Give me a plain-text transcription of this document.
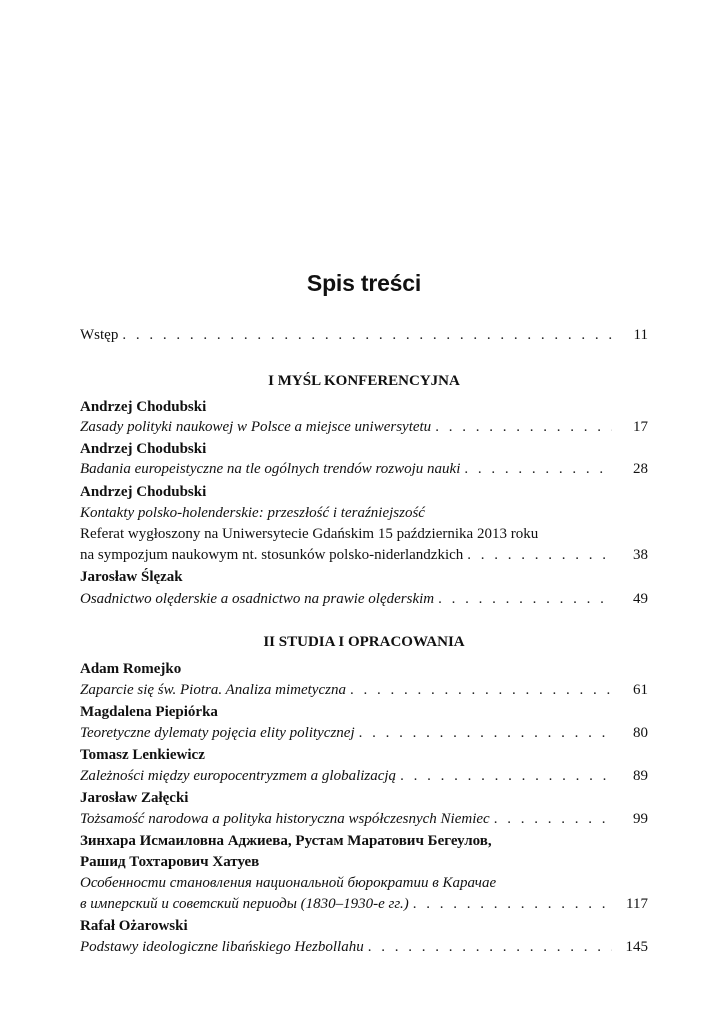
Spis treści
Wstęp . . .	11
I MYŚL KONFERENCYJNA
Andrzej Chodubski
Zasady polityki naukowej w Polsce a miejsce uniwersytetu . . .	17
Andrzej Chodubski
Badania europeistyczne na tle ogólnych trendów rozwoju nauki . . .	28
Andrzej Chodubski
Kontakty polsko-holenderskie: przeszłość i teraźniejszość
Referat wygłoszony na Uniwersytecie Gdańskim 15 października 2013 roku
na sympozjum naukowym nt. stosunków polsko-niderlandzkich . . .	38
Jarosław Ślęzak
Osadnictwo olęderskie a osadnictwo na prawie olęderskim . . .	49
II STUDIA I OPRACOWANIA
Adam Romejko
Zaparcie się św. Piotra. Analiza mimetyczna . . .	61
Magdalena Piepiórka
Teoretyczne dylematy pojęcia elity politycznej . . .	80
Tomasz Lenkiewicz
Zależności między europocentryzmem a globalizacją . . .	89
Jarosław Załęcki
Tożsamość narodowa a polityka historyczna współczesnych Niemiec . . .	99
Зинхара Исмаиловна Аджиева, Рустам Маратович Бегеулов,
Рашид Тохтарович Хатуев
Особенности становления национальной бюрократии в Карачае
в имперский и советский периоды (1830–1930-е гг.) . . .	117
Rafał Ożarowski
Podstawy ideologiczne libańskiego Hezbollahu . . .	145
